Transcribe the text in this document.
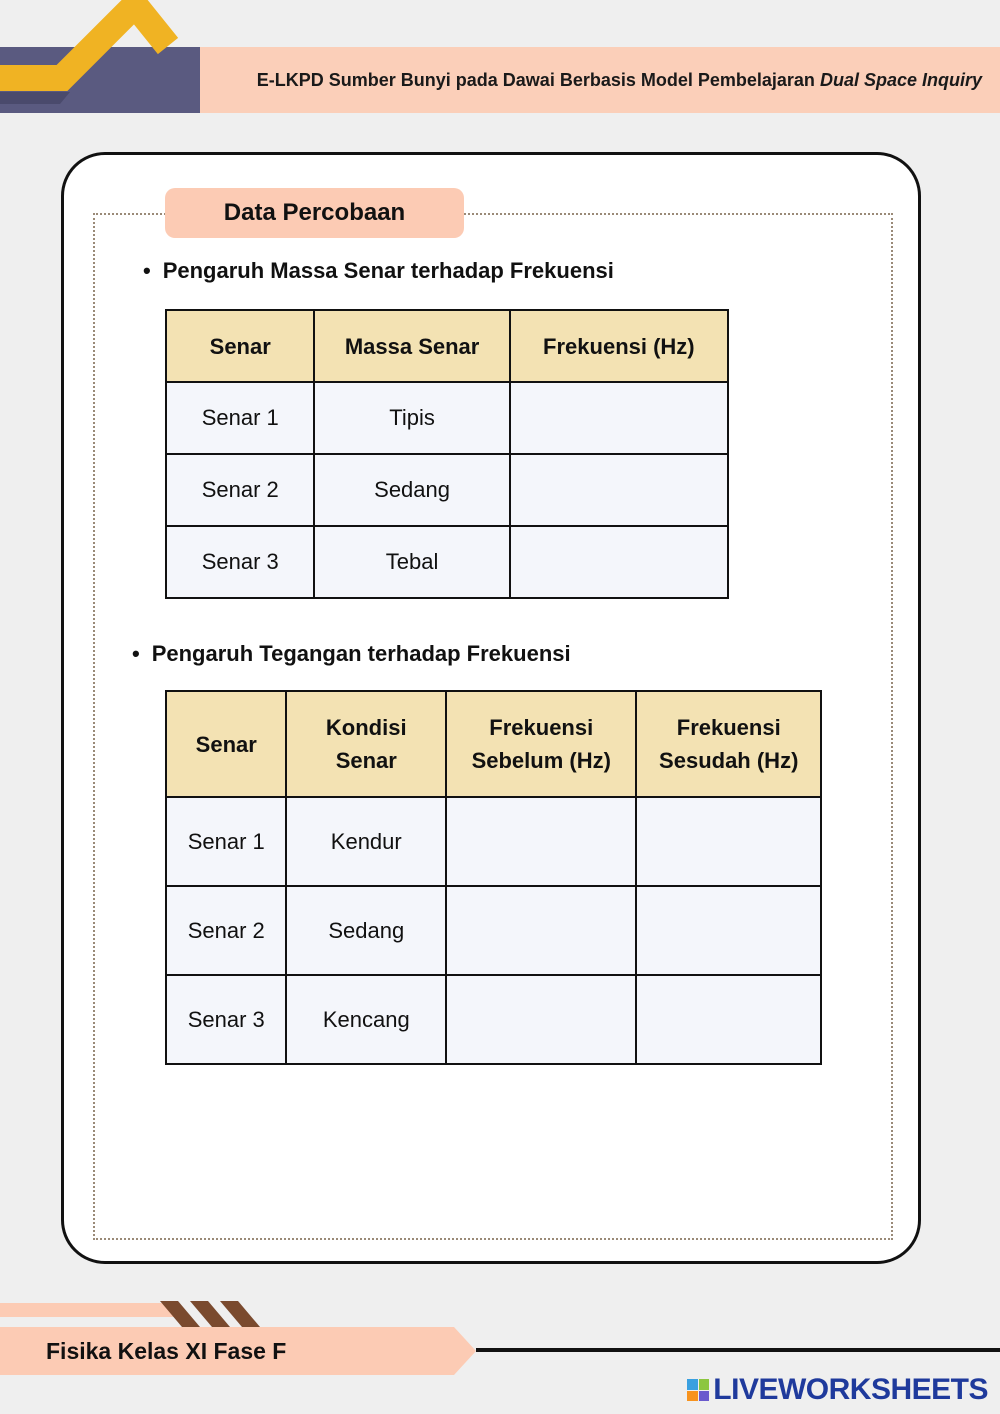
E-LKPD Sumber Bunyi pada Dawai Berbasis Model Pembelajaran Dual Space Inquiry
Data Percobaan
• Pengaruh Massa Senar terhadap Frekuensi
Senar	Massa Senar	Frekuensi (Hz)
Senar 1	Tipis	
Senar 2	Sedang	
Senar 3	Tebal	
• Pengaruh Tegangan terhadap Frekuensi
Senar	Kondisi Senar	Frekuensi Sebelum (Hz)	Frekuensi Sesudah (Hz)
Senar 1	Kendur		
Senar 2	Sedang		
Senar 3	Kencang		
Fisika Kelas XI Fase F
LIVEWORKSHEETS
